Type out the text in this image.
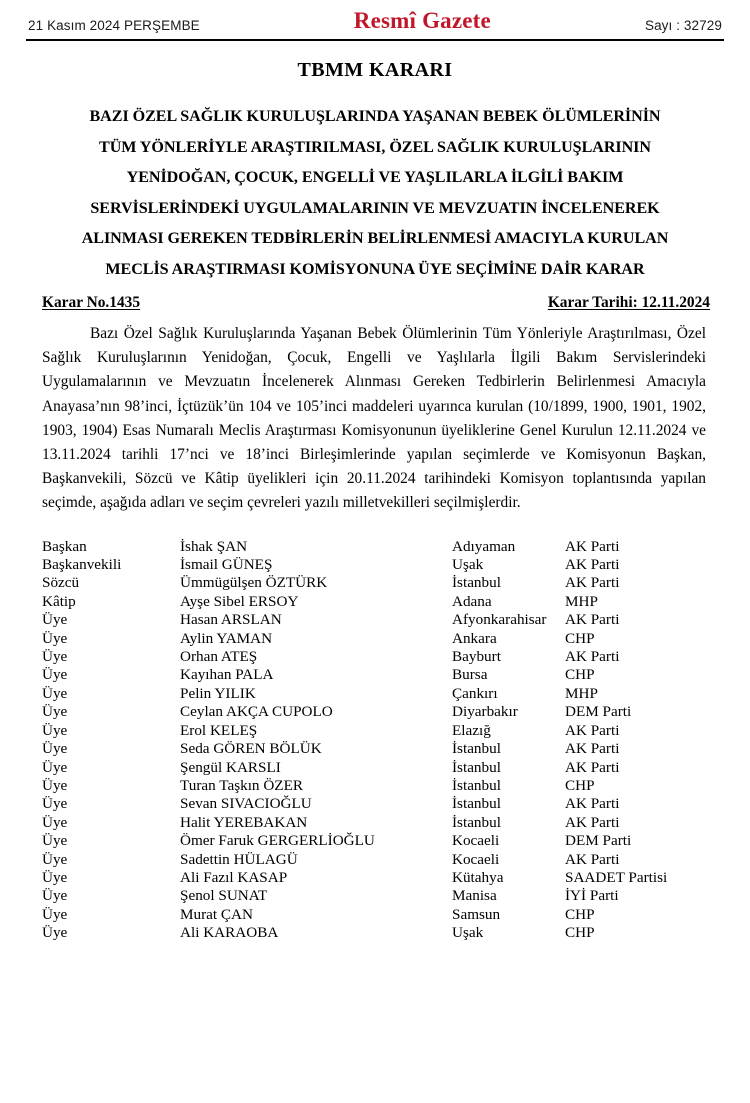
21 Kasım 2024 PERŞEMBE	Resmî Gazete	Sayı : 32729
TBMM KARARI
BAZI ÖZEL SAĞLIK KURULUŞLARINDA YAŞANAN BEBEK ÖLÜMLERİNİN
TÜM YÖNLERİYLE ARAŞTIRILMASI, ÖZEL SAĞLIK KURULUŞLARININ
YENİDOĞAN, ÇOCUK, ENGELLİ VE YAŞLILARLA İLGİLİ BAKIM
SERVİSLERİNDEKİ UYGULAMALARININ VE MEVZUATIN İNCELENEREK
ALINMASI GEREKEN TEDBİRLERİN BELİRLENMESİ AMACIYLA KURULAN
MECLİS ARAŞTIRMASI KOMİSYONUNA ÜYE SEÇİMİNE DAİR KARAR
Karar No.1435	Karar Tarihi: 12.11.2024

Bazı Özel Sağlık Kuruluşlarında Yaşanan Bebek Ölümlerinin Tüm Yönleriyle Araştırılması, Özel Sağlık Kuruluşlarının Yenidoğan, Çocuk, Engelli ve Yaşlılarla İlgili Bakım Servislerindeki Uygulamalarının ve Mevzuatın İncelenerek Alınması Gereken Tedbirlerin Belirlenmesi Amacıyla Anayasa’nın 98’inci, İçtüzük’ün 104 ve 105’inci maddeleri uyarınca kurulan (10/1899, 1900, 1901, 1902, 1903, 1904) Esas Numaralı Meclis Araştırması Komisyonunun üyeliklerine Genel Kurulun 12.11.2024 ve 13.11.2024 tarihli 17’nci ve 18’inci Birleşimlerinde yapılan seçimlerde ve Komisyonun Başkan, Başkanvekili, Sözcü ve Kâtip üyelikleri için 20.11.2024 tarihindeki Komisyon toplantısında yapılan seçimde, aşağıda adları ve seçim çevreleri yazılı milletvekilleri seçilmişlerdir.

Başkan	İshak ŞAN	Adıyaman	AK Parti
Başkanvekili	İsmail GÜNEŞ	Uşak	AK Parti
Sözcü	Ümmügülşen ÖZTÜRK	İstanbul	AK Parti
Kâtip	Ayşe Sibel ERSOY	Adana	MHP
Üye	Hasan ARSLAN	Afyonkarahisar	AK Parti
Üye	Aylin YAMAN	Ankara	CHP
Üye	Orhan ATEŞ	Bayburt	AK Parti
Üye	Kayıhan PALA	Bursa	CHP
Üye	Pelin YILIK	Çankırı	MHP
Üye	Ceylan AKÇA CUPOLO	Diyarbakır	DEM Parti
Üye	Erol KELEŞ	Elazığ	AK Parti
Üye	Seda GÖREN BÖLÜK	İstanbul	AK Parti
Üye	Şengül KARSLI	İstanbul	AK Parti
Üye	Turan Taşkın ÖZER	İstanbul	CHP
Üye	Sevan SIVACIOĞLU	İstanbul	AK Parti
Üye	Halit YEREBAKAN	İstanbul	AK Parti
Üye	Ömer Faruk GERGERLİOĞLU	Kocaeli	DEM Parti
Üye	Sadettin HÜLAGÜ	Kocaeli	AK Parti
Üye	Ali Fazıl KASAP	Kütahya	SAADET Partisi
Üye	Şenol SUNAT	Manisa	İYİ Parti
Üye	Murat ÇAN	Samsun	CHP
Üye	Ali KARAOBA	Uşak	CHP
